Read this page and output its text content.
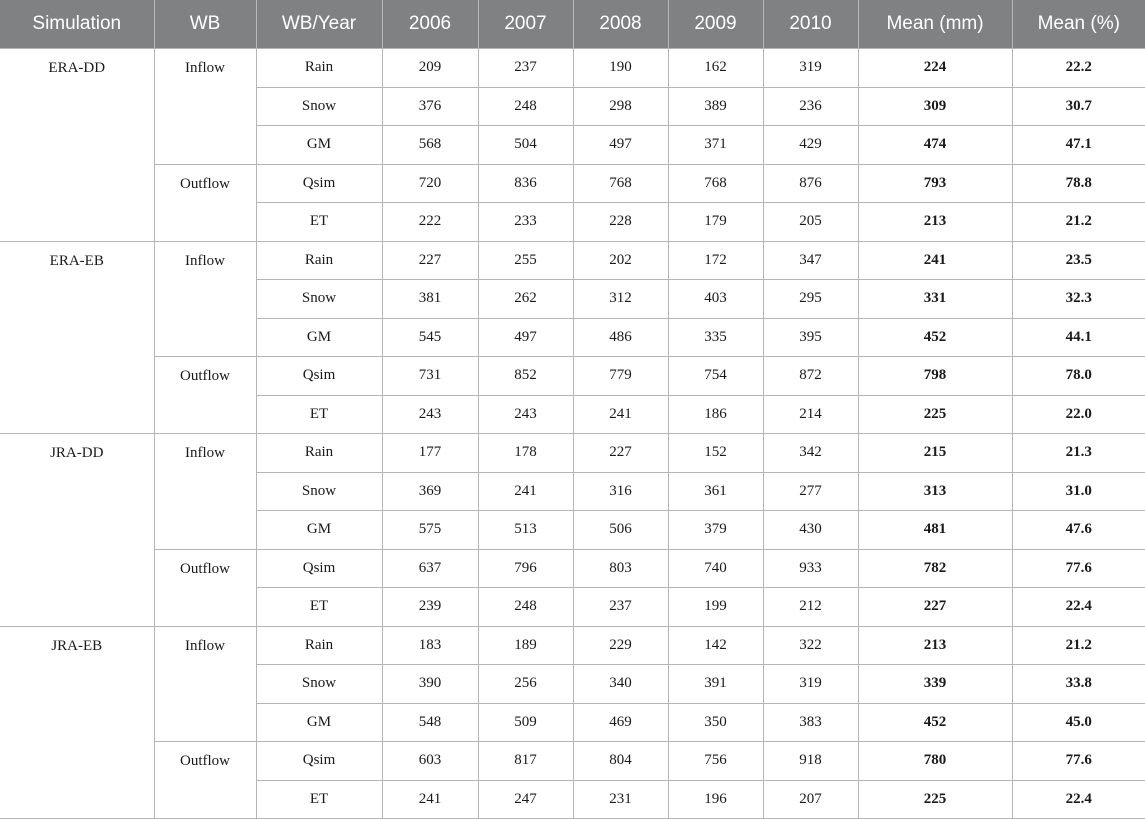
Simulation	WB	WB/Year	2006	2007	2008	2009	2010	Mean (mm)	Mean (%)
ERA-DD	Inflow	Rain	209	237	190	162	319	224	22.2
		Snow	376	248	298	389	236	309	30.7
		GM	568	504	497	371	429	474	47.1
	Outflow	Qsim	720	836	768	768	876	793	78.8
		ET	222	233	228	179	205	213	21.2
ERA-EB	Inflow	Rain	227	255	202	172	347	241	23.5
		Snow	381	262	312	403	295	331	32.3
		GM	545	497	486	335	395	452	44.1
	Outflow	Qsim	731	852	779	754	872	798	78.0
		ET	243	243	241	186	214	225	22.0
JRA-DD	Inflow	Rain	177	178	227	152	342	215	21.3
		Snow	369	241	316	361	277	313	31.0
		GM	575	513	506	379	430	481	47.6
	Outflow	Qsim	637	796	803	740	933	782	77.6
		ET	239	248	237	199	212	227	22.4
JRA-EB	Inflow	Rain	183	189	229	142	322	213	21.2
		Snow	390	256	340	391	319	339	33.8
		GM	548	509	469	350	383	452	45.0
	Outflow	Qsim	603	817	804	756	918	780	77.6
		ET	241	247	231	196	207	225	22.4
